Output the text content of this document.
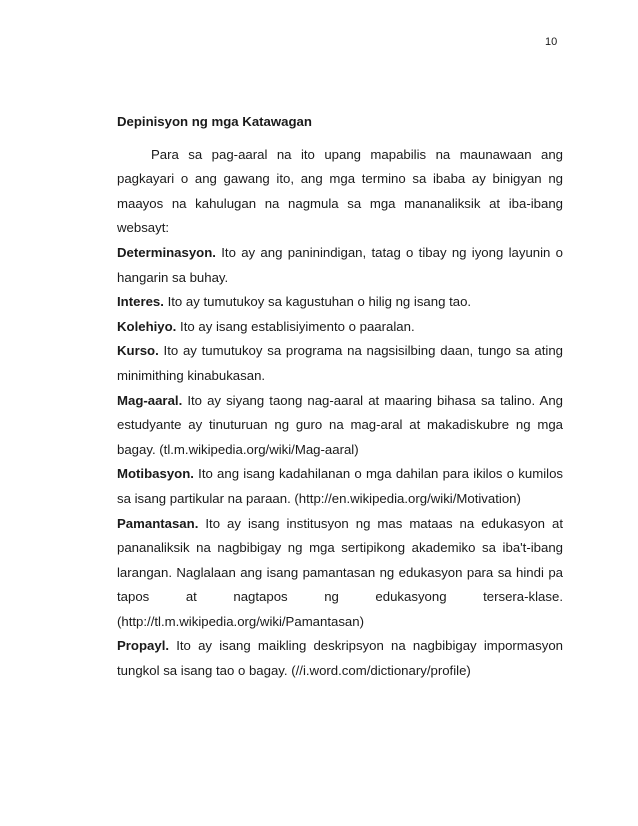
10

Depinisyon ng mga Katawagan

Para sa pag-aaral na ito upang mapabilis na maunawaan ang pagkayari o ang gawang ito, ang mga termino sa ibaba ay binigyan ng maayos na kahulugan na nagmula sa mga mananaliksik at iba-ibang websayt:

Determinasyon. Ito ay ang paninindigan, tatag o tibay ng iyong layunin o hangarin sa buhay.

Interes. Ito ay tumutukoy sa kagustuhan o hilig ng isang tao.

Kolehiyo. Ito ay isang establisiyimento o paaralan.

Kurso. Ito ay tumutukoy sa programa na nagsisilbing daan, tungo sa ating minimithing kinabukasan.

Mag-aaral. Ito ay siyang taong nag-aaral at maaring bihasa sa talino. Ang estudyante ay tinuturuan ng guro na mag-aral at makadiskubre ng mga bagay. (tl.m.wikipedia.org/wiki/Mag-aaral)

Motibasyon. Ito ang isang kadahilanan o mga dahilan para ikilos o kumilos sa isang partikular na paraan. (http://en.wikipedia.org/wiki/Motivation)

Pamantasan. Ito ay isang institusyon ng mas mataas na edukasyon at pananaliksik na nagbibigay ng mga sertipikong akademiko sa iba't-ibang larangan. Naglalaan ang isang pamantasan ng edukasyon para sa hindi pa tapos at nagtapos ng edukasyong tersera-klase. (http://tl.m.wikipedia.org/wiki/Pamantasan)

Propayl. Ito ay isang maikling deskripsyon na nagbibigay impormasyon tungkol sa isang tao o bagay. (//i.word.com/dictionary/profile)
